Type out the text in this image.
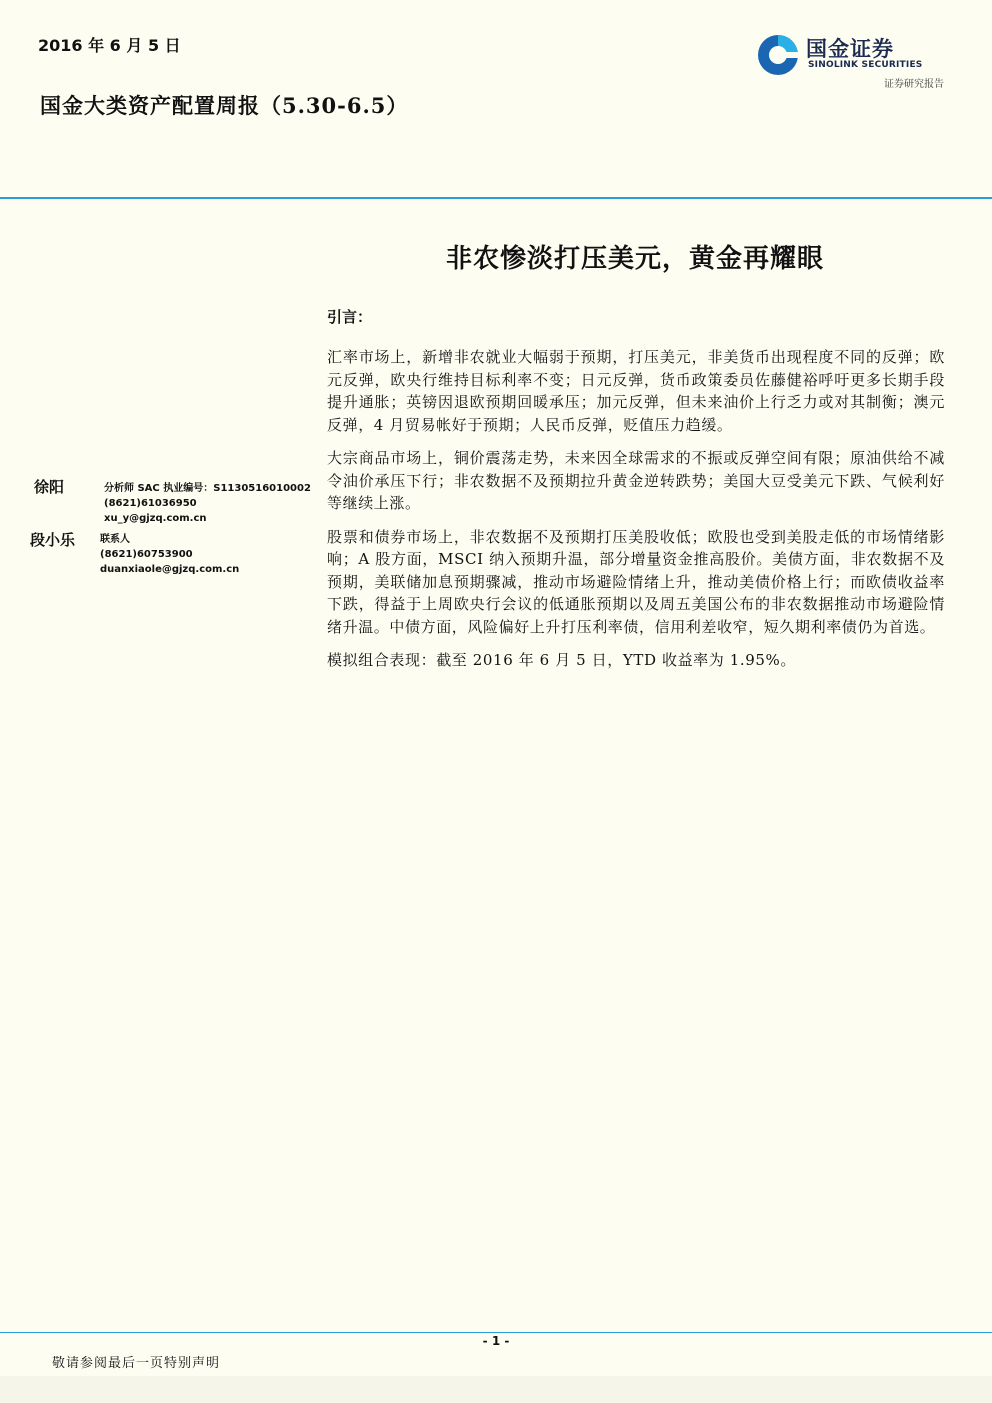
2016 年 6 月 5 日
国金大类资产配置周报（5.30-6.5）
国金证券
SINOLINK SECURITIES
证券研究报告
非农惨淡打压美元，黄金再耀眼
引言：

汇率市场上，新增非农就业大幅弱于预期，打压美元，非美货币出现程度不同的反弹；欧元反弹，欧央行维持目标利率不变；日元反弹，货币政策委员佐藤健裕呼吁更多长期手段提升通胀；英镑因退欧预期回暖承压；加元反弹，但未来油价上行乏力或对其制衡；澳元反弹，4 月贸易帐好于预期；人民币反弹，贬值压力趋缓。

大宗商品市场上，铜价震荡走势，未来因全球需求的不振或反弹空间有限；原油供给不减令油价承压下行；非农数据不及预期拉升黄金逆转跌势；美国大豆受美元下跌、气候利好等继续上涨。

股票和债券市场上，非农数据不及预期打压美股收低；欧股也受到美股走低的市场情绪影响；A 股方面，MSCI 纳入预期升温，部分增量资金推高股价。美债方面，非农数据不及预期，美联储加息预期骤减，推动市场避险情绪上升，推动美债价格上行；而欧债收益率下跌，得益于上周欧央行会议的低通胀预期以及周五美国公布的非农数据推动市场避险情绪升温。中债方面，风险偏好上升打压利率债，信用利差收窄，短久期利率债仍为首选。

模拟组合表现：截至 2016 年 6 月 5 日，YTD 收益率为 1.95%。

徐阳	分析师 SAC 执业编号：S1130516010002
(8621)61036950
xu_y@gjzq.com.cn
段小乐 联系人
(8621)60753900
duanxiaole@gjzq.com.cn
- 1 -
敬请参阅最后一页特别声明
